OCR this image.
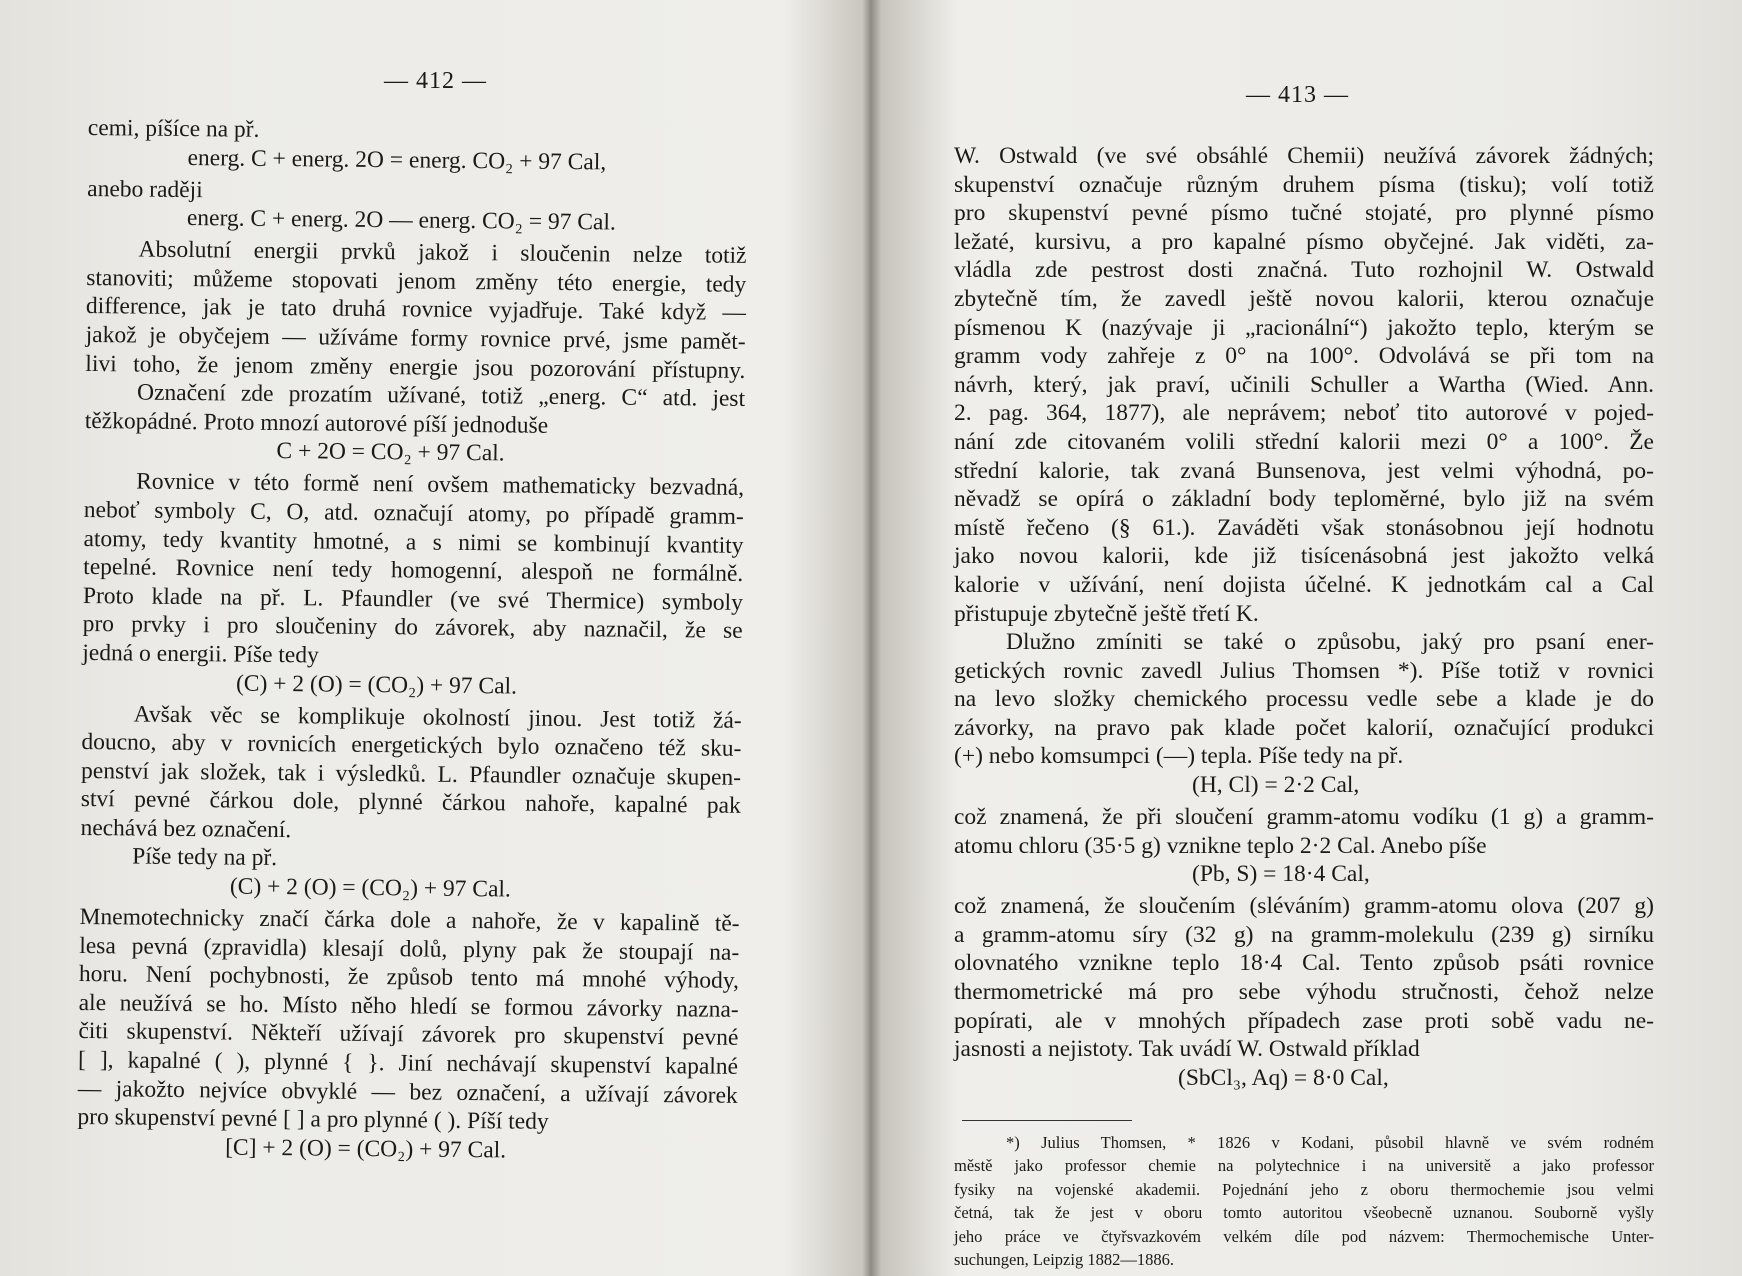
— 412 —
cemi, píšíce na př.
energ. C + energ. 2O = energ. CO₂ + 97 Cal,
anebo raději
energ. C + energ. 2O — energ. CO₂ = 97 Cal.
Absolutní energii prvků jakož i sloučenin nelze totiž
stanoviti; můžeme stopovati jenom změny této energie, tedy
difference, jak je tato druhá rovnice vyjadřuje. Také když —
jakož je obyčejem — užíváme formy rovnice prvé, jsme pamět-
livi toho, že jenom změny energie jsou pozorování přístupny.
Označení zde prozatím užívané, totiž „energ. C“ atd. jest
těžkopádné. Proto mnozí autorové píší jednoduše
C + 2O = CO₂ + 97 Cal.
Rovnice v této formě není ovšem mathematicky bezvadná,
neboť symboly C, O, atd. označují atomy, po případě gramm-
atomy, tedy kvantity hmotné, a s nimi se kombinují kvantity
tepelné. Rovnice není tedy homogenní, alespoň ne formálně.
Proto klade na př. L. Pfaundler (ve své Thermice) symboly
pro prvky i pro sloučeniny do závorek, aby naznačil, že se
jedná o energii. Píše tedy
(C) + 2 (O) = (CO₂) + 97 Cal.
Avšak věc se komplikuje okolností jinou. Jest totiž žá-
doucno, aby v rovnicích energetických bylo označeno též sku-
penství jak složek, tak i výsledků. L. Pfaundler označuje skupen-
ství pevné čárkou dole, plynné čárkou nahoře, kapalné pak
nechává bez označení.
Píše tedy na př.
(C) + 2 (O) = (CO₂) + 97 Cal.
Mnemotechnicky značí čárka dole a nahoře, že v kapalině tě-
lesa pevná (zpravidla) klesají dolů, plyny pak že stoupají na-
horu. Není pochybnosti, že způsob tento má mnohé výhody,
ale neužívá se ho. Místo něho hledí se formou závorky nazna-
čiti skupenství. Někteří užívají závorek pro skupenství pevné
[ ], kapalné ( ), plynné { }. Jiní nechávají skupenství kapalné
— jakožto nejvíce obvyklé — bez označení, a užívají závorek
pro skupenství pevné [ ] a pro plynné ( ). Píší tedy
[C] + 2 (O) = (CO₂) + 97 Cal.
— 413 —
W. Ostwald (ve své obsáhlé Chemii) neužívá závorek žádných;
skupenství označuje různým druhem písma (tisku); volí totiž
pro skupenství pevné písmo tučné stojaté, pro plynné písmo
ležaté, kursivu, a pro kapalné písmo obyčejné. Jak viděti, za-
vládla zde pestrost dosti značná. Tuto rozhojnil W. Ostwald
zbytečně tím, že zavedl ještě novou kalorii, kterou označuje
písmenou K (nazývaje ji „racionální“) jakožto teplo, kterým se
gramm vody zahřeje z 0° na 100°. Odvolává se při tom na
návrh, který, jak praví, učinili Schuller a Wartha (Wied. Ann.
2. pag. 364, 1877), ale neprávem; neboť tito autorové v pojed-
nání zde citovaném volili střední kalorii mezi 0° a 100°. Že
střední kalorie, tak zvaná Bunsenova, jest velmi výhodná, po-
něvadž se opírá o základní body teploměrné, bylo již na svém
místě řečeno (§ 61.). Zaváděti však stonásobnou její hodnotu
jako novou kalorii, kde již tisícenásobná jest jakožto velká
kalorie v užívání, není dojista účelné. K jednotkám cal a Cal
přistupuje zbytečně ještě třetí K.
Dlužno zmíniti se také o způsobu, jaký pro psaní ener-
getických rovnic zavedl Julius Thomsen *). Píše totiž v rovnici
na levo složky chemického processu vedle sebe a klade je do
závorky, na pravo pak klade počet kalorií, označující produkci
(+) nebo komsumpci (—) tepla. Píše tedy na př.
(H, Cl) = 2·2 Cal,
což znamená, že při sloučení gramm-atomu vodíku (1 g) a gramm-
atomu chloru (35·5 g) vznikne teplo 2·2 Cal. Anebo píše
(Pb, S) = 18·4 Cal,
což znamená, že sloučením (sléváním) gramm-atomu olova (207 g)
a gramm-atomu síry (32 g) na gramm-molekulu (239 g) sirníku
olovnatého vznikne teplo 18·4 Cal. Tento způsob psáti rovnice
thermometrické má pro sebe výhodu stručnosti, čehož nelze
popírati, ale v mnohých případech zase proti sobě vadu ne-
jasnosti a nejistoty. Tak uvádí W. Ostwald příklad
(SbCl₃, Aq) = 8·0 Cal,
*) Julius Thomsen, * 1826 v Kodani, působil hlavně ve svém rodném
městě jako professor chemie na polytechnice i na universitě a jako professor
fysiky na vojenské akademii. Pojednání jeho z oboru thermochemie jsou velmi
četná, tak že jest v oboru tomto autoritou všeobecně uznanou. Souborně vyšly
jeho práce ve čtyřsvazkovém velkém díle pod názvem: Thermochemische Unter-
suchungen, Leipzig 1882—1886.
